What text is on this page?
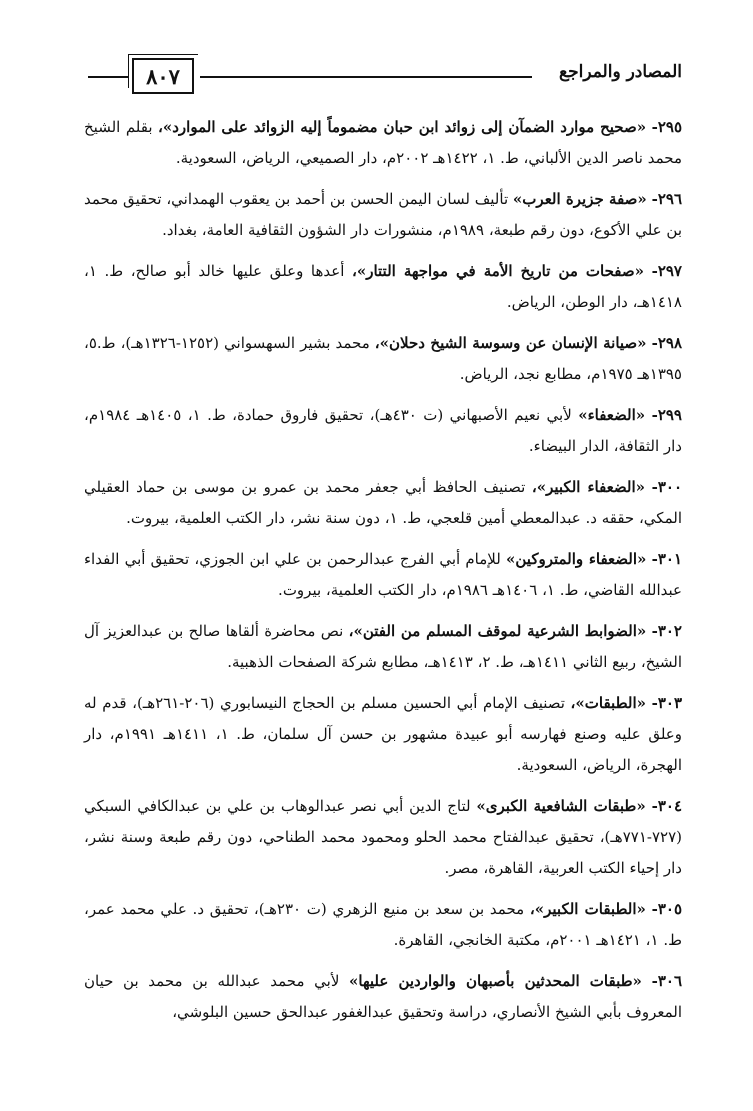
المصادر والمراجع
٨٠٧

٢٩٥- «صحيح موارد الضمآن إلى زوائد ابن حبان مضموماً إليه الزوائد على الموارد»، بقلم الشيخ محمد ناصر الدين الألباني، ط. ١، ١٤٢٢هـ ٢٠٠٢م، دار الصميعي، الرياض، السعودية.

٢٩٦- «صفة جزيرة العرب» تأليف لسان اليمن الحسن بن أحمد بن يعقوب الهمداني، تحقيق محمد بن علي الأكوع، دون رقم طبعة، ١٩٨٩م، منشورات دار الشؤون الثقافية العامة، بغداد.

٢٩٧- «صفحات من تاريخ الأمة في مواجهة التتار»، أعدها وعلق عليها خالد أبو صالح، ط. ١، ١٤١٨هـ، دار الوطن، الرياض.

٢٩٨- «صيانة الإنسان عن وسوسة الشيخ دحلان»، محمد بشير السهسواني (١٢٥٢-١٣٢٦هـ)، ط.٥، ١٣٩٥هـ ١٩٧٥م، مطابع نجد، الرياض.

٢٩٩- «الضعفاء» لأبي نعيم الأصبهاني (ت ٤٣٠هـ)، تحقيق فاروق حمادة، ط. ١، ١٤٠٥هـ ١٩٨٤م، دار الثقافة، الدار البيضاء.

٣٠٠- «الضعفاء الكبير»، تصنيف الحافظ أبي جعفر محمد بن عمرو بن موسى بن حماد العقيلي المكي، حققه د. عبدالمعطي أمين قلعجي، ط. ١، دون سنة نشر، دار الكتب العلمية، بيروت.

٣٠١- «الضعفاء والمتروكين» للإمام أبي الفرج عبدالرحمن بن علي ابن الجوزي، تحقيق أبي الفداء عبدالله القاضي، ط. ١، ١٤٠٦هـ ١٩٨٦م، دار الكتب العلمية، بيروت.

٣٠٢- «الضوابط الشرعية لموقف المسلم من الفتن»، نص محاضرة ألقاها صالح بن عبدالعزيز آل الشيخ، ربيع الثاني ١٤١١هـ، ط. ٢، ١٤١٣هـ، مطابع شركة الصفحات الذهبية.

٣٠٣- «الطبقات»، تصنيف الإمام أبي الحسين مسلم بن الحجاج النيسابوري (٢٠٦-٢٦١هـ)، قدم له وعلق عليه وصنع فهارسه أبو عبيدة مشهور بن حسن آل سلمان، ط. ١، ١٤١١هـ ١٩٩١م، دار الهجرة، الرياض، السعودية.

٣٠٤- «طبقات الشافعية الكبرى» لتاج الدين أبي نصر عبدالوهاب بن علي بن عبدالكافي السبكي (٧٢٧-٧٧١هـ)، تحقيق عبدالفتاح محمد الحلو ومحمود محمد الطناحي، دون رقم طبعة وسنة نشر، دار إحياء الكتب العربية، القاهرة، مصر.

٣٠٥- «الطبقات الكبير»، محمد بن سعد بن منيع الزهري (ت ٢٣٠هـ)، تحقيق د. علي محمد عمر، ط. ١، ١٤٢١هـ ٢٠٠١م، مكتبة الخانجي، القاهرة.

٣٠٦- «طبقات المحدثين بأصبهان والواردين عليها» لأبي محمد عبدالله بن محمد بن حيان المعروف بأبي الشيخ الأنصاري، دراسة وتحقيق عبدالغفور عبدالحق حسين البلوشي،
